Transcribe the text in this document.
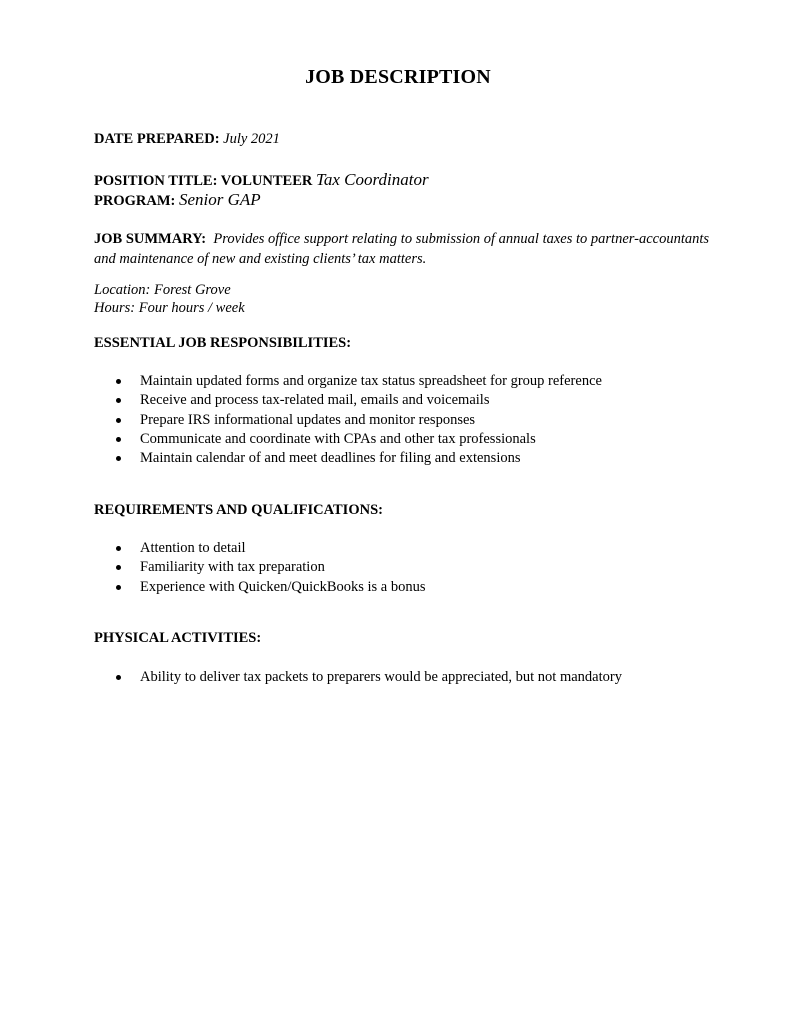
JOB DESCRIPTION
DATE PREPARED: July 2021
POSITION TITLE: VOLUNTEER Tax Coordinator
PROGRAM: Senior GAP
JOB SUMMARY: Provides office support relating to submission of annual taxes to partner-accountants and maintenance of new and existing clients’ tax matters.
Location: Forest Grove
Hours: Four hours / week
ESSENTIAL JOB RESPONSIBILITIES:
Maintain updated forms and organize tax status spreadsheet for group reference
Receive and process tax-related mail, emails and voicemails
Prepare IRS informational updates and monitor responses
Communicate and coordinate with CPAs and other tax professionals
Maintain calendar of and meet deadlines for filing and extensions
REQUIREMENTS AND QUALIFICATIONS:
Attention to detail
Familiarity with tax preparation
Experience with Quicken/QuickBooks is a bonus
PHYSICAL ACTIVITIES:
Ability to deliver tax packets to preparers would be appreciated, but not mandatory
